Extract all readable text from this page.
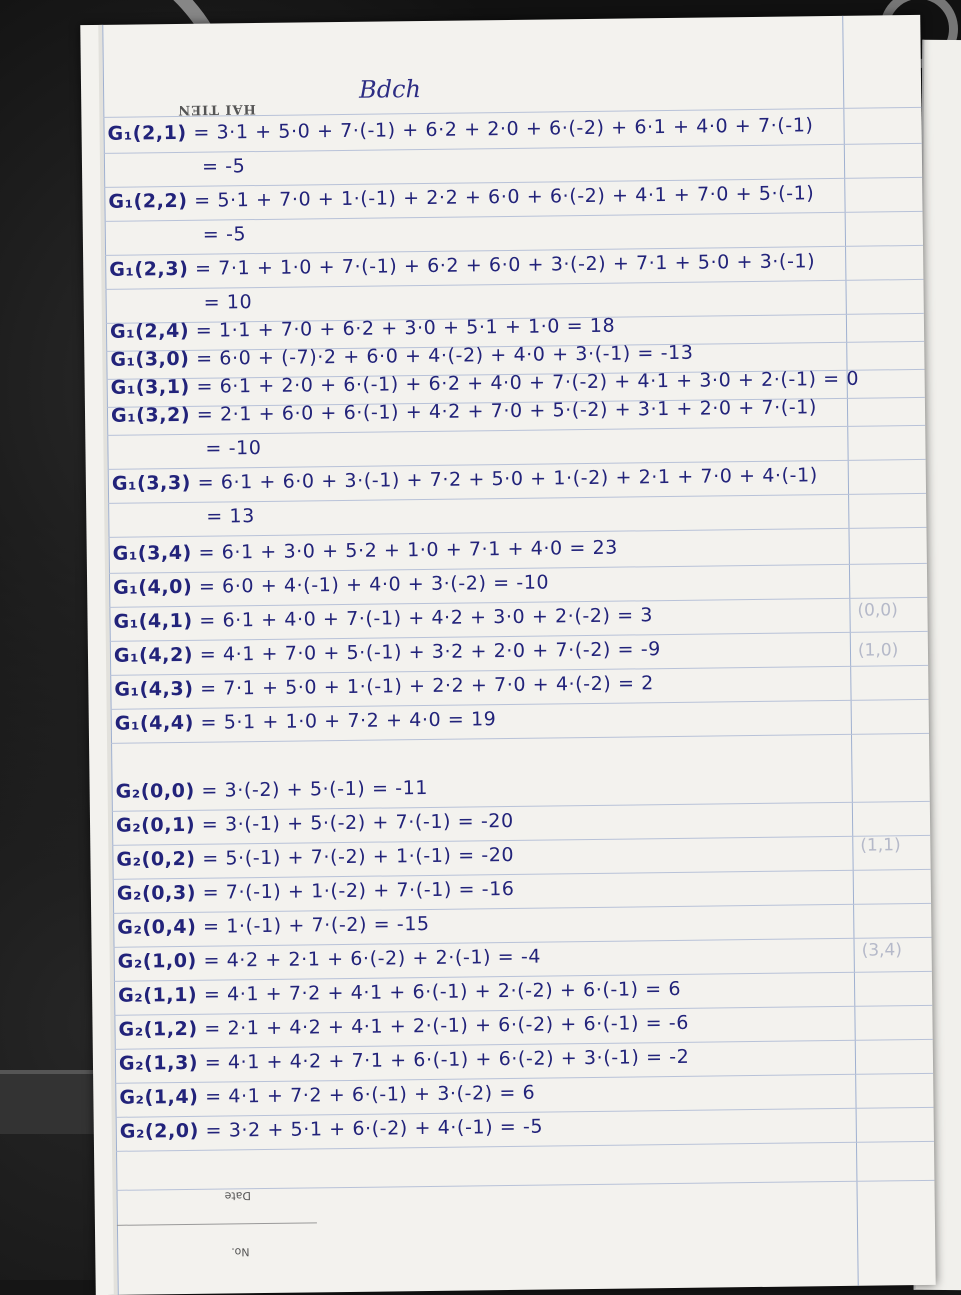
HAI TIEN
Bdch
(0,0)
(1,0)
(1,1)
(3,4)
Date
No.
G₁(2,1) = 3·1 + 5·0 + 7·(-1) + 6·2 + 2·0 + 6·(-2) + 6·1 + 4·0 + 7·(-1)
= -5
G₁(2,2) = 5·1 + 7·0 + 1·(-1) + 2·2 + 6·0 + 6·(-2) + 4·1 + 7·0 + 5·(-1)
= -5
G₁(2,3) = 7·1 + 1·0 + 7·(-1) + 6·2 + 6·0 + 3·(-2) + 7·1 + 5·0 + 3·(-1)
= 10
G₁(2,4) = 1·1 + 7·0 + 6·2 + 3·0 + 5·1 + 1·0 = 18
G₁(3,0) = 6·0 + (-7)·2 + 6·0 + 4·(-2) + 4·0 + 3·(-1) = -13
G₁(3,1) = 6·1 + 2·0 + 6·(-1) + 6·2 + 4·0 + 7·(-2) + 4·1 + 3·0 + 2·(-1) = 0
G₁(3,2) = 2·1 + 6·0 + 6·(-1) + 4·2 + 7·0 + 5·(-2) + 3·1 + 2·0 + 7·(-1)
= -10
G₁(3,3) = 6·1 + 6·0 + 3·(-1) + 7·2 + 5·0 + 1·(-2) + 2·1 + 7·0 + 4·(-1)
= 13
G₁(3,4) = 6·1 + 3·0 + 5·2 + 1·0 + 7·1 + 4·0 = 23
G₁(4,0) = 6·0 + 4·(-1) + 4·0 + 3·(-2) = -10
G₁(4,1) = 6·1 + 4·0 + 7·(-1) + 4·2 + 3·0 + 2·(-2) = 3
G₁(4,2) = 4·1 + 7·0 + 5·(-1) + 3·2 + 2·0 + 7·(-2) = -9
G₁(4,3) = 7·1 + 5·0 + 1·(-1) + 2·2 + 7·0 + 4·(-2) = 2
G₁(4,4) = 5·1 + 1·0 + 7·2 + 4·0 = 19
G₂(0,0) = 3·(-2) + 5·(-1) = -11
G₂(0,1) = 3·(-1) + 5·(-2) + 7·(-1) = -20
G₂(0,2) = 5·(-1) + 7·(-2) + 1·(-1) = -20
G₂(0,3) = 7·(-1) + 1·(-2) + 7·(-1) = -16
G₂(0,4) = 1·(-1) + 7·(-2) = -15
G₂(1,0) = 4·2 + 2·1 + 6·(-2) + 2·(-1) = -4
G₂(1,1) = 4·1 + 7·2 + 4·1 + 6·(-1) + 2·(-2) + 6·(-1) = 6
G₂(1,2) = 2·1 + 4·2 + 4·1 + 2·(-1) + 6·(-2) + 6·(-1) = -6
G₂(1,3) = 4·1 + 4·2 + 7·1 + 6·(-1) + 6·(-2) + 3·(-1) = -2
G₂(1,4) = 4·1 + 7·2 + 6·(-1) + 3·(-2) = 6
G₂(2,0) = 3·2 + 5·1 + 6·(-2) + 4·(-1) = -5
